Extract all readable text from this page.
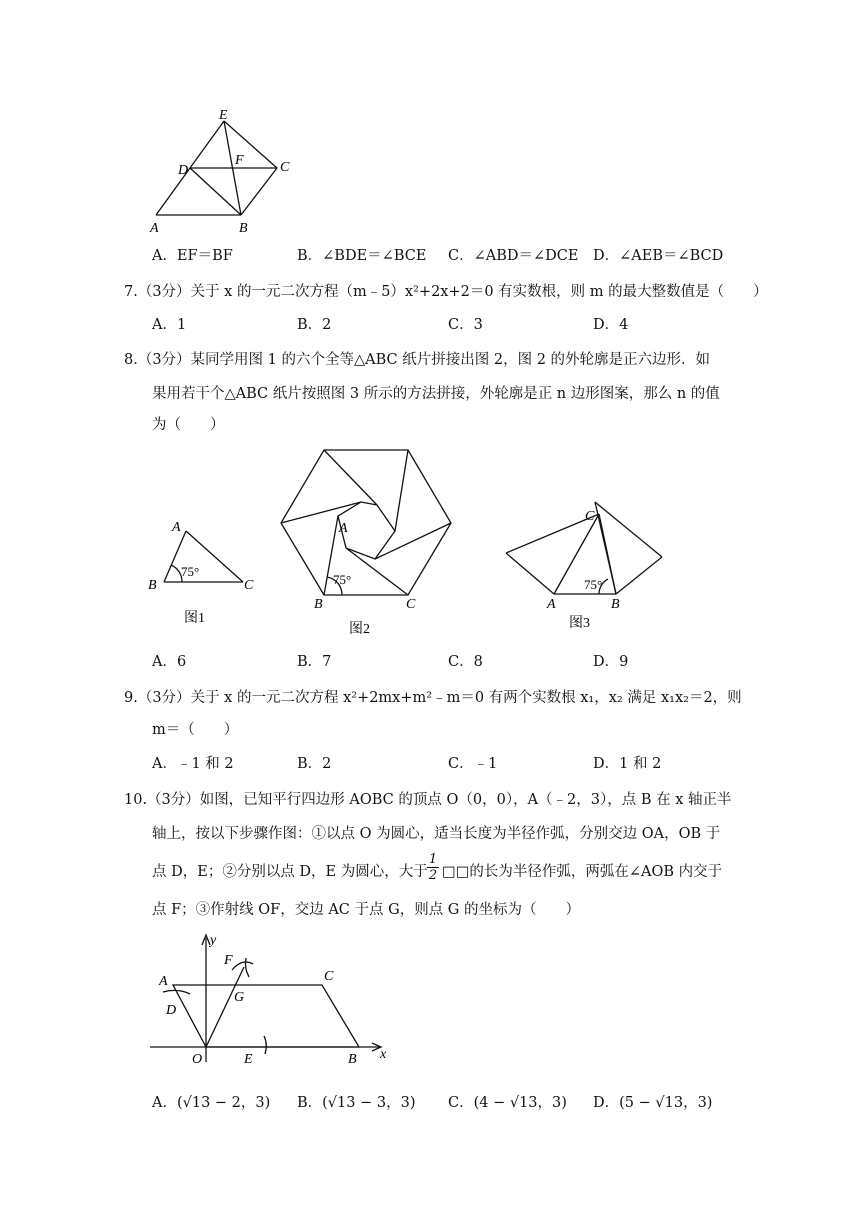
E
F
D	C
A	B
A．EF＝BF	B．∠BDE＝∠BCE C．∠ABD＝∠DCE D．∠AEB＝∠BCD
7.（3分）关于 x 的一元二次方程（m﹣5）x²+2x+2＝0 有实数根，则 m 的最大整数值是（　　）
A．1	B．2	C．3	D．4
8.（3分）某同学用图 1 的六个全等△ABC 纸片拼接出图 2，图 2 的外轮廓是正六边形．如
果用若干个△ABC 纸片按照图 3 所示的方法拼接，外轮廓是正 n 边形图案，那么 n 的值
为（　　）
A
B	C
75°
图1
A
B	C
75°
图2
A	B
C
75°
图3
A．6	B．7	C．8	D．9
9.（3分）关于 x 的一元二次方程 x²+2mx+m²﹣m＝0 有两个实数根 x₁，x₂ 满足 x₁x₂＝2，则
m＝（　　）
A．﹣1 和 2	B．2	C．﹣1	D．1 和 2
10.（3分）如图，已知平行四边形 AOBC 的顶点 O（0，0），A（﹣2，3），点 B 在 x 轴正半
轴上，按以下步骤作图：①以点 O 为圆心，适当长度为半径作弧，分别交边 OA，OB 于
点 D，E；②分别以点 D，E 为圆心，大于 $\frac{1}{2}$ □□的长为半径作弧，两弧在∠AOB 内交于
点 F；③作射线 OF，交边 AC 于点 G，则点 G 的坐标为（　　）
y
x
F
A	C
G
D
O	E	B
A．(√13 − 2，3) B．(√13 − 3，3) C．(4 − √13，3) D．(5 − √13，3)
